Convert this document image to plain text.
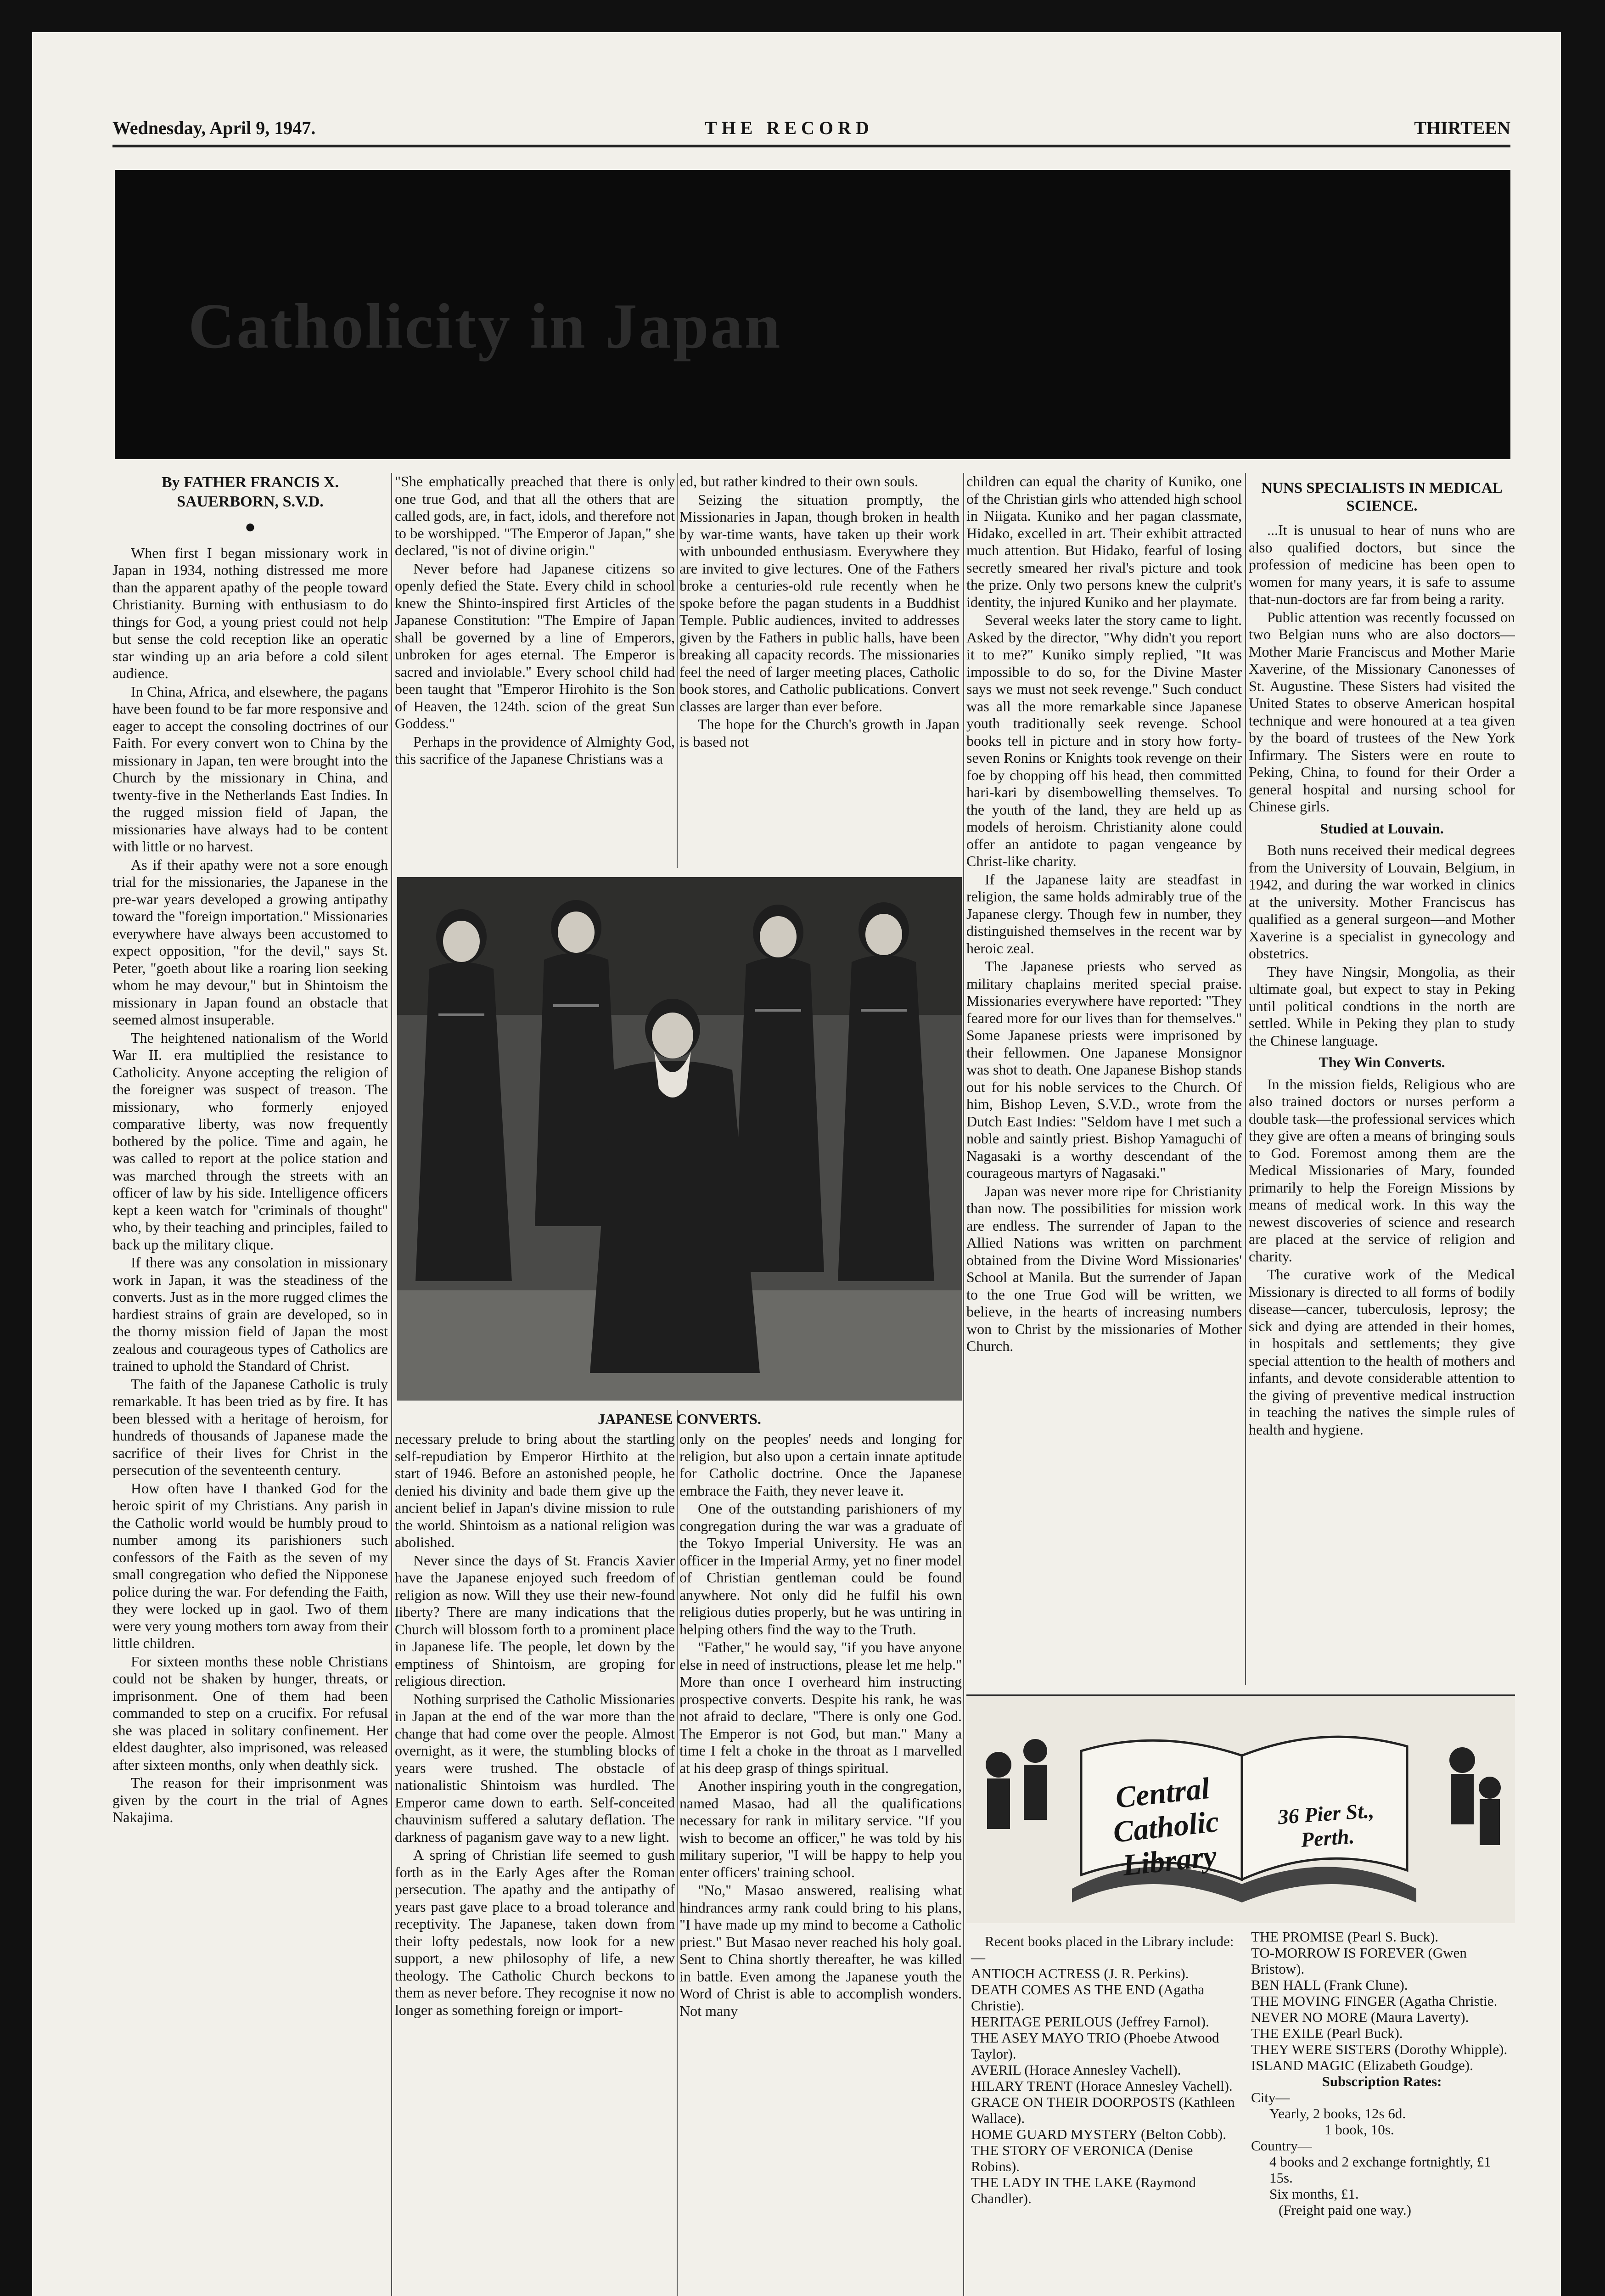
Wednesday, April 9, 1947.	THE RECORD	THIRTEEN
Catholicity in Japan
By FATHER FRANCIS X. SAUERBORN, S.V.D.
●

When first I began missionary work in Japan in 1934, nothing distressed me more than the apparent apathy of the people toward Christianity. Burning with enthusiasm to do things for God, a young priest could not help but sense the cold reception like an operatic star winding up an aria before a cold silent audience.

In China, Africa, and elsewhere, the pagans have been found to be far more responsive and eager to accept the consoling doctrines of our Faith. For every convert won to China by the missionary in Japan, ten were brought into the Church by the missionary in China, and twenty-five in the Netherlands East Indies. In the rugged mission field of Japan, the missionaries have always had to be content with little or no harvest.

As if their apathy were not a sore enough trial for the missionaries, the Japanese in the pre-war years developed a growing antipathy toward the "foreign importation." Missionaries everywhere have always been accustomed to expect opposition, "for the devil," says St. Peter, "goeth about like a roaring lion seeking whom he may devour," but in Shintoism the missionary in Japan found an obstacle that seemed almost insuperable.

The heightened nationalism of the World War II. era multiplied the resistance to Catholicity. Anyone accepting the religion of the foreigner was suspect of treason. The missionary, who formerly enjoyed comparative liberty, was now frequently bothered by the police. Time and again, he was called to report at the police station and was marched through the streets with an officer of law by his side. Intelligence officers kept a keen watch for "criminals of thought" who, by their teaching and principles, failed to back up the military clique.

If there was any consolation in missionary work in Japan, it was the steadiness of the converts. Just as in the more rugged climes the hardiest strains of grain are developed, so in the thorny mission field of Japan the most zealous and courageous types of Catholics are trained to uphold the Standard of Christ.

The faith of the Japanese Catholic is truly remarkable. It has been tried as by fire. It has been blessed with a heritage of heroism, for hundreds of thousands of Japanese made the sacrifice of their lives for Christ in the persecution of the seventeenth century.

How often have I thanked God for the heroic spirit of my Christians. Any parish in the Catholic world would be humbly proud to number among its parishioners such confessors of the Faith as the seven of my small congregation who defied the Nipponese police during the war. For defending the Faith, they were locked up in gaol. Two of them were very young mothers torn away from their little children.

For sixteen months these noble Christians could not be shaken by hunger, threats, or imprisonment. One of them had been commanded to step on a crucifix. For refusal she was placed in solitary confinement. Her eldest daughter, also imprisoned, was released after sixteen months, only when deathly sick.

The reason for their imprisonment was given by the court in the trial of Agnes Nakajima.

"She emphatically preached that there is only one true God, and that all the others that are called gods, are, in fact, idols, and therefore not to be worshipped. "The Emperor of Japan," she declared, "is not of divine origin."

Never before had Japanese citizens so openly defied the State. Every child in school knew the Shinto-inspired first Articles of the Japanese Constitution: "The Empire of Japan shall be governed by a line of Emperors, unbroken for ages eternal. The Emperor is sacred and inviolable." Every school child had been taught that "Emperor Hirohito is the Son of Heaven, the 124th. scion of the great Sun Goddess."

Perhaps in the providence of Almighty God, this sacrifice of the Japanese Christians was a

ed, but rather kindred to their own souls.

Seizing the situation promptly, the Missionaries in Japan, though broken in health by war-time wants, have taken up their work with unbounded enthusiasm. Everywhere they are invited to give lectures. One of the Fathers broke a centuries-old rule recently when he spoke before the pagan students in a Buddhist Temple. Public audiences, invited to addresses given by the Fathers in public halls, have been breaking all capacity records. The missionaries feel the need of larger meeting places, Catholic book stores, and Catholic publications. Convert classes are larger than ever before.

The hope for the Church's growth in Japan is based not

JAPANESE CONVERTS.

necessary prelude to bring about the startling self-repudiation by Emperor Hirthito at the start of 1946. Before an astonished people, he denied his divinity and bade them give up the ancient belief in Japan's divine mission to rule the world. Shintoism as a national religion was abolished.

Never since the days of St. Francis Xavier have the Japanese enjoyed such freedom of religion as now. Will they use their new-found liberty? There are many indications that the Church will blossom forth to a prominent place in Japanese life. The people, let down by the emptiness of Shintoism, are groping for religious direction.

Nothing surprised the Catholic Missionaries in Japan at the end of the war more than the change that had come over the people. Almost overnight, as it were, the stumbling blocks of years were trushed. The obstacle of nationalistic Shintoism was hurdled. The Emperor came down to earth. Self-conceited chauvinism suffered a salutary deflation. The darkness of paganism gave way to a new light.

A spring of Christian life seemed to gush forth as in the Early Ages after the Roman persecution. The apathy and the antipathy of years past gave place to a broad tolerance and receptivity. The Japanese, taken down from their lofty pedestals, now look for a new support, a new philosophy of life, a new theology. The Catholic Church beckons to them as never before. They recognise it now no longer as something foreign or import-

only on the peoples' needs and longing for religion, but also upon a certain innate aptitude for Catholic doctrine. Once the Japanese embrace the Faith, they never leave it.

One of the outstanding parishioners of my congregation during the war was a graduate of the Tokyo Imperial University. He was an officer in the Imperial Army, yet no finer model of Christian gentleman could be found anywhere. Not only did he fulfil his own religious duties properly, but he was untiring in helping others find the way to the Truth.

"Father," he would say, "if you have anyone else in need of instructions, please let me help." More than once I overheard him instructing prospective converts. Despite his rank, he was not afraid to declare, "There is only one God. The Emperor is not God, but man." Many a time I felt a choke in the throat as I marvelled at his deep grasp of things spiritual.

Another inspiring youth in the congregation, named Masao, had all the qualifications necessary for rank in military service. "If you wish to become an officer," he was told by his military superior, "I will be happy to help you enter officers' training school.

"No," Masao answered, realising what hindrances army rank could bring to his plans, "I have made up my mind to become a Catholic priest." But Masao never reached his holy goal. Sent to China shortly thereafter, he was killed in battle. Even among the Japanese youth the Word of Christ is able to accomplish wonders. Not many

children can equal the charity of Kuniko, one of the Christian girls who attended high school in Niigata. Kuniko and her pagan classmate, Hidako, excelled in art. Their exhibit attracted much attention. But Hidako, fearful of losing secretly smeared her rival's picture and took the prize. Only two persons knew the culprit's identity, the injured Kuniko and her playmate.

Several weeks later the story came to light. Asked by the director, "Why didn't you report it to me?" Kuniko simply replied, "It was impossible to do so, for the Divine Master says we must not seek revenge." Such conduct was all the more remarkable since Japanese youth traditionally seek revenge. School books tell in picture and in story how forty-seven Ronins or Knights took revenge on their foe by chopping off his head, then committed hari-kari by disembowelling themselves. To the youth of the land, they are held up as models of heroism. Christianity alone could offer an antidote to pagan vengeance by Christ-like charity.

If the Japanese laity are steadfast in religion, the same holds admirably true of the Japanese clergy. Though few in number, they distinguished themselves in the recent war by heroic zeal.

The Japanese priests who served as military chaplains merited special praise. Missionaries everywhere have reported: "They feared more for our lives than for themselves." Some Japanese priests were imprisoned by their fellowmen. One Japanese Monsignor was shot to death. One Japanese Bishop stands out for his noble services to the Church. Of him, Bishop Leven, S.V.D., wrote from the Dutch East Indies: "Seldom have I met such a noble and saintly priest. Bishop Yamaguchi of Nagasaki is a worthy descendant of the courageous martyrs of Nagasaki."

Japan was never more ripe for Christianity than now. The possibilities for mission work are endless. The surrender of Japan to the Allied Nations was written on parchment obtained from the Divine Word Missionaries' School at Manila. But the surrender of Japan to the one True God will be written, we believe, in the hearts of increasing numbers won to Christ by the missionaries of Mother Church.

NUNS SPECIALISTS IN MEDICAL SCIENCE.

...It is unusual to hear of nuns who are also qualified doctors, but since the profession of medicine has been open to women for many years, it is safe to assume that-nun-doctors are far from being a rarity.

Public attention was recently focussed on two Belgian nuns who are also doctors—Mother Marie Franciscus and Mother Marie Xaverine, of the Missionary Canonesses of St. Augustine. These Sisters had visited the United States to observe American hospital technique and were honoured at a tea given by the board of trustees of the New York Infirmary. The Sisters were en route to Peking, China, to found for their Order a general hospital and nursing school for Chinese girls.

Studied at Louvain.

Both nuns received their medical degrees from the University of Louvain, Belgium, in 1942, and during the war worked in clinics at the university. Mother Franciscus has qualified as a general surgeon—and Mother Xaverine is a specialist in gynecology and obstetrics.

They have Ningsir, Mongolia, as their ultimate goal, but expect to stay in Peking until political condtions in the north are settled. While in Peking they plan to study the Chinese language.

They Win Converts.

In the mission fields, Religious who are also trained doctors or nurses perform a double task—the professional services which they give are often a means of bringing souls to God. Foremost among them are the Medical Missionaries of Mary, founded primarily to help the Foreign Missions by means of medical work. In this way the newest discoveries of science and research are placed at the service of religion and charity.

The curative work of the Medical Missionary is directed to all forms of bodily disease—cancer, tuberculosis, leprosy; the sick and dying are attended in their homes, in hospitals and settlements; they give special attention to the health of mothers and infants, and devote considerable attention to the giving of preventive medical instruction in teaching the natives the simple rules of health and hygiene.

Central Catholic
Library
36 Pier St., Perth.
Recent books placed in the Library include:—
ANTIOCH ACTRESS (J. R. Perkins).
DEATH COMES AS THE END (Agatha Christie).
HERITAGE PERILOUS (Jeffrey Farnol).
THE ASEY MAYO TRIO (Phoebe Atwood Taylor).
AVERIL (Horace Annesley Vachell).
HILARY TRENT (Horace Annesley Vachell).
GRACE ON THEIR DOORPOSTS (Kathleen Wallace).
HOME GUARD MYSTERY (Belton Cobb).
THE STORY OF VERONICA (Denise Robins).
THE LADY IN THE LAKE (Raymond Chandler).
THE PROMISE (Pearl S. Buck).
TO-MORROW IS FOREVER (Gwen Bristow).
BEN HALL (Frank Clune).
THE MOVING FINGER (Agatha Christie.
NEVER NO MORE (Maura Laverty).
THE EXILE (Pearl Buck).
THEY WERE SISTERS (Dorothy Whipple).
ISLAND MAGIC (Elizabeth Goudge).
Subscription Rates:
City—
Yearly, 2 books, 12s 6d.
1 book, 10s.
Country—
4 books and 2 exchange fortnightly, £1 15s.
Six months, £1.
(Freight paid one way.)
